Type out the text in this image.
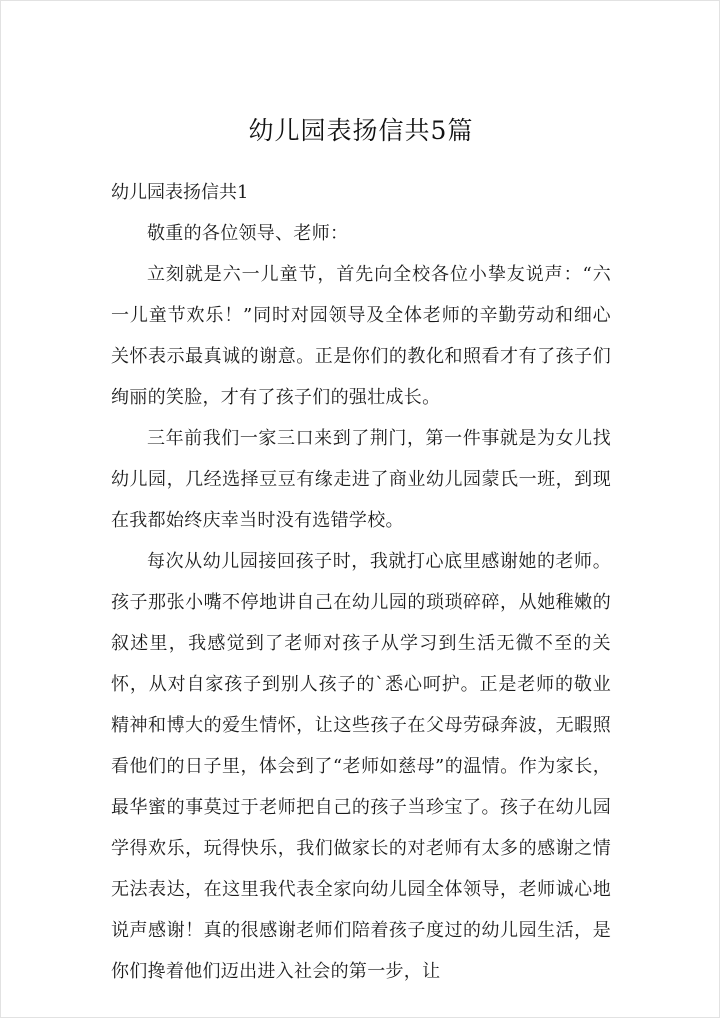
幼儿园表扬信共5篇

幼儿园表扬信共1

敬重的各位领导、老师：

立刻就是六一儿童节，首先向全校各位小挚友说声：“六一儿童节欢乐！”同时对园领导及全体老师的辛勤劳动和细心关怀表示最真诚的谢意。正是你们的教化和照看才有了孩子们绚丽的笑脸，才有了孩子们的强壮成长。

三年前我们一家三口来到了荆门，第一件事就是为女儿找幼儿园，几经选择豆豆有缘走进了商业幼儿园蒙氏一班，到现在我都始终庆幸当时没有选错学校。

每次从幼儿园接回孩子时，我就打心底里感谢她的老师。孩子那张小嘴不停地讲自己在幼儿园的琐琐碎碎，从她稚嫩的叙述里，我感觉到了老师对孩子从学习到生活无微不至的关怀，从对自家孩子到别人孩子的`悉心呵护。正是老师的敬业精神和博大的爱生情怀，让这些孩子在父母劳碌奔波，无暇照看他们的日子里，体会到了“老师如慈母”的温情。作为家长，最华蜜的事莫过于老师把自己的孩子当珍宝了。孩子在幼儿园学得欢乐，玩得快乐，我们做家长的对老师有太多的感谢之情无法表达，在这里我代表全家向幼儿园全体领导，老师诚心地说声感谢！真的很感谢老师们陪着孩子度过的幼儿园生活，是你们搀着他们迈出进入社会的第一步，让
